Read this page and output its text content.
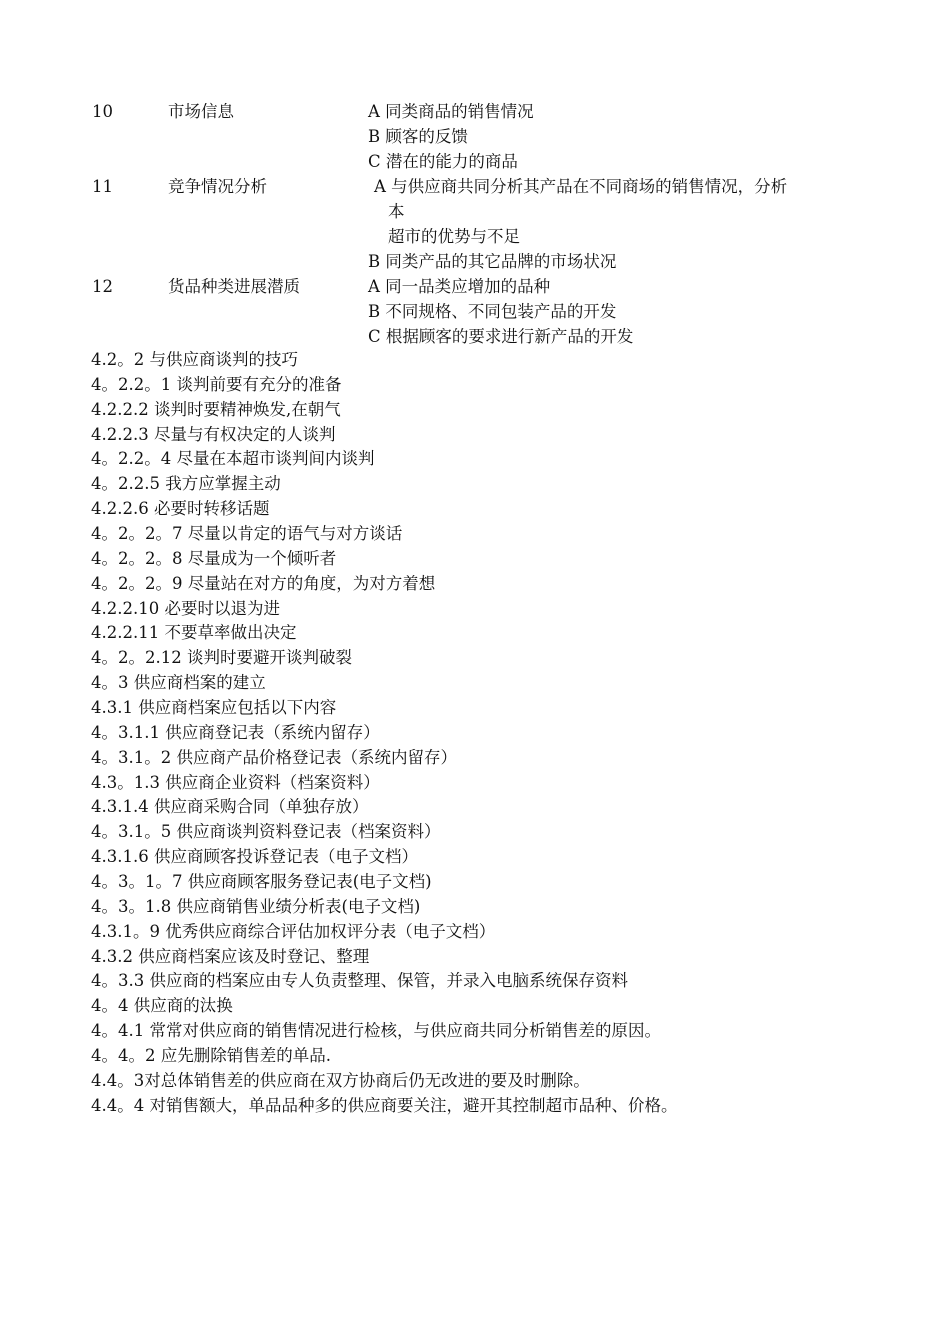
10	市场信息	A 同类商品的销售情况
B 顾客的反馈
C 潜在的能力的商品
11	竞争情况分析	A 与供应商共同分析其产品在不同商场的销售情况，分析
本
超市的优势与不足
B 同类产品的其它品牌的市场状况
12	货品种类进展潜质	A 同一品类应增加的品种
B 不同规格、不同包装产品的开发
C 根据顾客的要求进行新产品的开发
4.2。2 与供应商谈判的技巧
4。2.2。1 谈判前要有充分的准备
4.2.2.2 谈判时要精神焕发,在朝气
4.2.2.3 尽量与有权决定的人谈判
4。2.2。4 尽量在本超市谈判间内谈判
4。2.2.5 我方应掌握主动
4.2.2.6 必要时转移话题
4。2。2。7 尽量以肯定的语气与对方谈话
4。2。2。8 尽量成为一个倾听者
4。2。2。9 尽量站在对方的角度，为对方着想
4.2.2.10 必要时以退为进
4.2.2.11 不要草率做出决定
4。2。2.12 谈判时要避开谈判破裂
4。3 供应商档案的建立
4.3.1 供应商档案应包括以下内容
4。3.1.1 供应商登记表（系统内留存）
4。3.1。2 供应商产品价格登记表（系统内留存）
4.3。1.3 供应商企业资料（档案资料）
4.3.1.4 供应商采购合同（单独存放）
4。3.1。5 供应商谈判资料登记表（档案资料）
4.3.1.6 供应商顾客投诉登记表（电子文档）
4。3。1。7 供应商顾客服务登记表(电子文档)
4。3。1.8 供应商销售业绩分析表(电子文档)
4.3.1。9 优秀供应商综合评估加权评分表（电子文档）
4.3.2 供应商档案应该及时登记、整理
4。3.3 供应商的档案应由专人负责整理、保管，并录入电脑系统保存资料
4。4 供应商的汰换
4。4.1 常常对供应商的销售情况进行检核，与供应商共同分析销售差的原因。
4。4。2 应先删除销售差的单品.
4.4。3对总体销售差的供应商在双方协商后仍无改进的要及时删除。
4.4。4 对销售额大，单品品种多的供应商要关注，避开其控制超市品种、价格。
